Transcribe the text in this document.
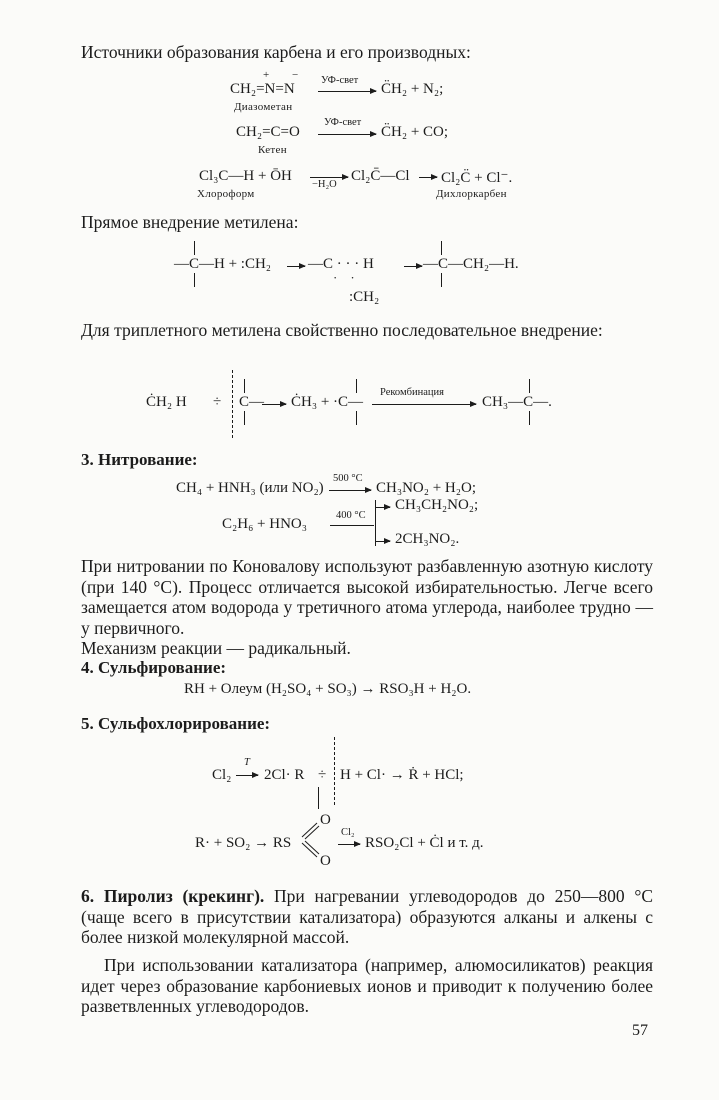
Источники образования карбена и его производных:
CH₂=N=N
+ − УФ-свет
→ C̈H₂ + N₂;
Диазометан
CH₂=C=O
УФ-свет
→ C̈H₂ + CO;
Кетен
Cl₃C—H + ŌH →
−H₂O
Cl₂C̄—Cl → Cl₂C̈ + Cl⁻.
Хлороформ	Дихлоркарбен
Прямое внедрение метилена:
—C—H + :CH₂ → —C · · · H
·    ·
:CH₂
→ —C—CH₂—H.
Для триплетного метилена свойственно последовательное внедрение:
ĊH₂ H ÷ C— → ĊH₃ + ·C—
Рекомбинация
CH₃—C—.
3. Нитрование:
CH₄ + HNH₃ (или NO₂)
500 °C
→ CH₃NO₂ + H₂O;
C₂H₆ + HNO₃
400 °C
CH₃CH₂NO₂;
2CH₃NO₂.
При нитровании по Коновалову используют разбавленную азотную кислоту (при 140 °С). Процесс отличается высокой избирательностью. Легче всего замещается атом водорода у третичного атома углерода, наиболее трудно — у первичного.
Механизм реакции — радикальный.
4. Сульфирование:
RH + Олеум (H₂SO₄ + SO₃) → RSO₃H + H₂O.
5. Сульфохлорирование:
Cl₂
T
→ 2Cl· R ÷ H + Cl· → Ṙ + HCl;
R· + SO₂ → RS
O
O
Cl₂
→ RSO₂Cl + Ċl и т. д.
6. Пиролиз (крекинг). При нагревании углеводородов до 250—800 °С (чаще всего в присутствии катализатора) образуются алканы и алкены с более низкой молекулярной массой.
При использовании катализатора (например, алюмосиликатов) реакция идет через образование карбониевых ионов и приводит к получению более разветвленных углеводородов.
57
